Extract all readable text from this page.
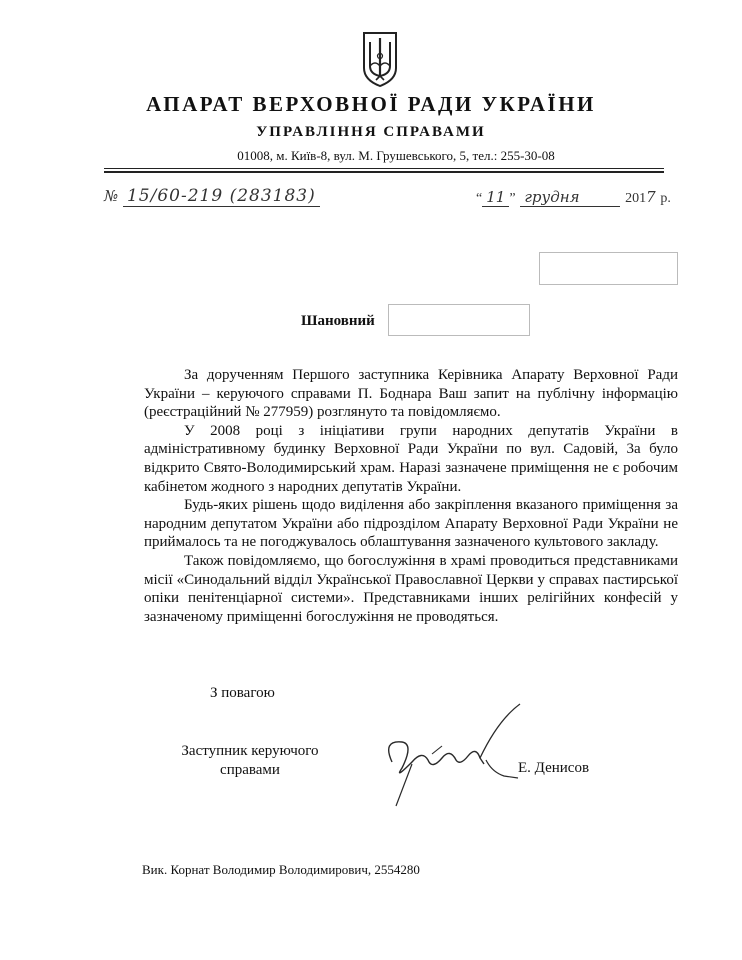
АПАРАТ ВЕРХОВНОЇ РАДИ УКРАЇНИ
УПРАВЛІННЯ СПРАВАМИ
01008, м. Київ-8, вул. М. Грушевського, 5, тел.: 255-30-08
№ 15/60-219 (283183)	“ 11 ” грудня	2017 р.
Шановний

За дорученням Першого заступника Керівника Апарату Верховної Ради України – керуючого справами П. Боднара Ваш запит на публічну інформацію (реєстраційний № 277959) розглянуто та повідомляємо.

У 2008 році з ініціативи групи народних депутатів України в адміністративному будинку Верховної Ради України по вул. Садовій, 3а було відкрито Свято-Володимирський храм. Наразі зазначене приміщення не є робочим кабінетом жодного з народних депутатів України.

Будь-яких рішень щодо виділення або закріплення вказаного приміщення за народним депутатом України або підрозділом Апарату Верховної Ради України не приймалось та не погоджувалось облаштування зазначеного культового закладу.

Також повідомляємо, що богослужіння в храмі проводиться представниками місії «Синодальний відділ Української Православної Церкви у справах пастирської опіки пенітенціарної системи». Представниками інших релігійних конфесій у зазначеному приміщенні богослужіння не проводяться.

З повагою
Заступник керуючого
справами	Е. Денисов
Вик. Корнат Володимир Володимирович, 2554280
